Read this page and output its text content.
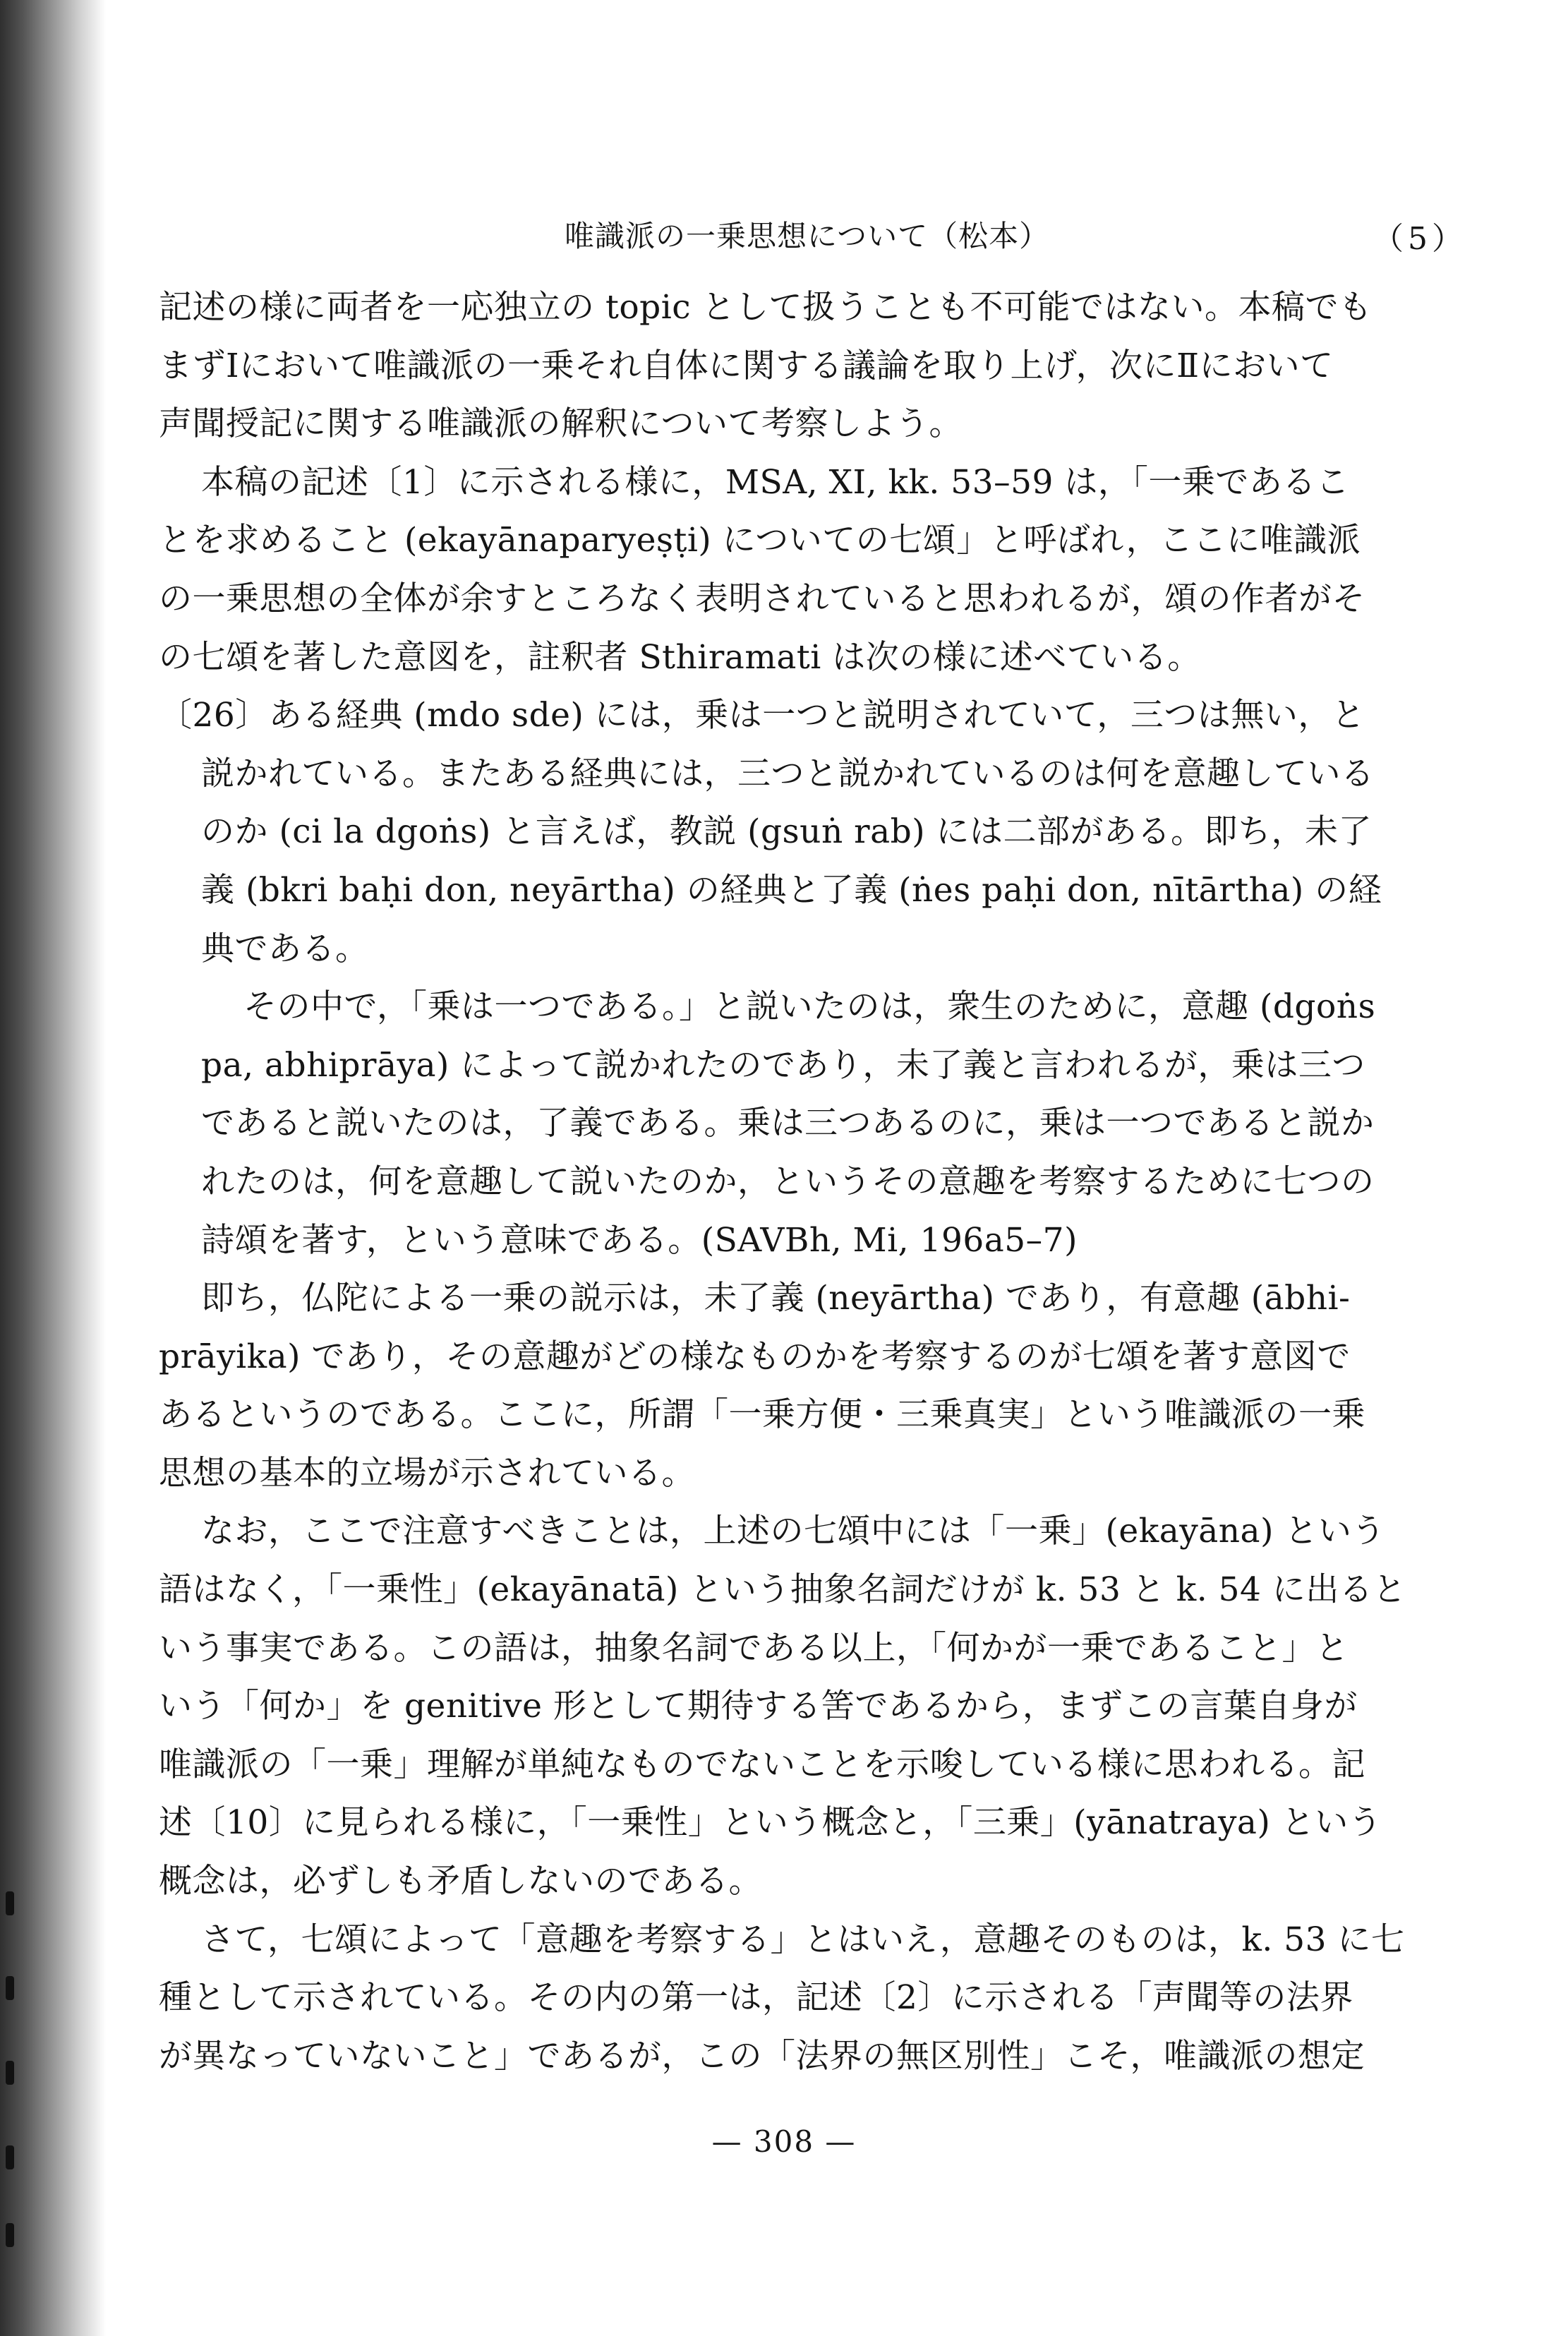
唯識派の一乗思想について（松本）	（5）
記述の様に両者を一応独立の topic として扱うことも不可能ではない。本稿でも
まずⅠにおいて唯識派の一乗それ自体に関する議論を取り上げ，次にⅡにおいて
声聞授記に関する唯識派の解釈について考察しよう。
本稿の記述〔1〕に示される様に，MSA, XI, kk. 53–59 は，「一乗であるこ
とを求めること (ekayānaparyeṣṭi) についての七頌」と呼ばれ，ここに唯識派
の一乗思想の全体が余すところなく表明されていると思われるが，頌の作者がそ
の七頌を著した意図を，註釈者 Sthiramati は次の様に述べている。
〔26〕ある経典 (mdo sde) には，乗は一つと説明されていて，三つは無い，と
説かれている。またある経典には，三つと説かれているのは何を意趣している
のか (ci la dgoṅs) と言えば，教説 (gsuṅ rab) には二部がある。即ち，未了
義 (bkri baḥi don, neyārtha) の経典と了義 (ṅes paḥi don, nītārtha) の経
典である。
その中で，「乗は一つである。」と説いたのは，衆生のために，意趣 (dgoṅs
pa, abhiprāya) によって説かれたのであり，未了義と言われるが，乗は三つ
であると説いたのは，了義である。乗は三つあるのに，乗は一つであると説か
れたのは，何を意趣して説いたのか，というその意趣を考察するために七つの
詩頌を著す，という意味である。(SAVBh, Mi, 196a5–7)
即ち，仏陀による一乗の説示は，未了義 (neyārtha) であり，有意趣 (ābhi-
prāyika) であり，その意趣がどの様なものかを考察するのが七頌を著す意図で
あるというのである。ここに，所謂「一乗方便・三乗真実」という唯識派の一乗
思想の基本的立場が示されている。
なお，ここで注意すべきことは，上述の七頌中には「一乗」(ekayāna) という
語はなく，「一乗性」(ekayānatā) という抽象名詞だけが k. 53 と k. 54 に出ると
いう事実である。この語は，抽象名詞である以上，「何かが一乗であること」と
いう「何か」を genitive 形として期待する筈であるから，まずこの言葉自身が
唯識派の「一乗」理解が単純なものでないことを示唆している様に思われる。記
述〔10〕に見られる様に，「一乗性」という概念と，「三乗」(yānatraya) という
概念は，必ずしも矛盾しないのである。
さて，七頌によって「意趣を考察する」とはいえ，意趣そのものは，k. 53 に七
種として示されている。その内の第一は，記述〔2〕に示される「声聞等の法界
が異なっていないこと」であるが，この「法界の無区別性」こそ，唯識派の想定
— 308 —
